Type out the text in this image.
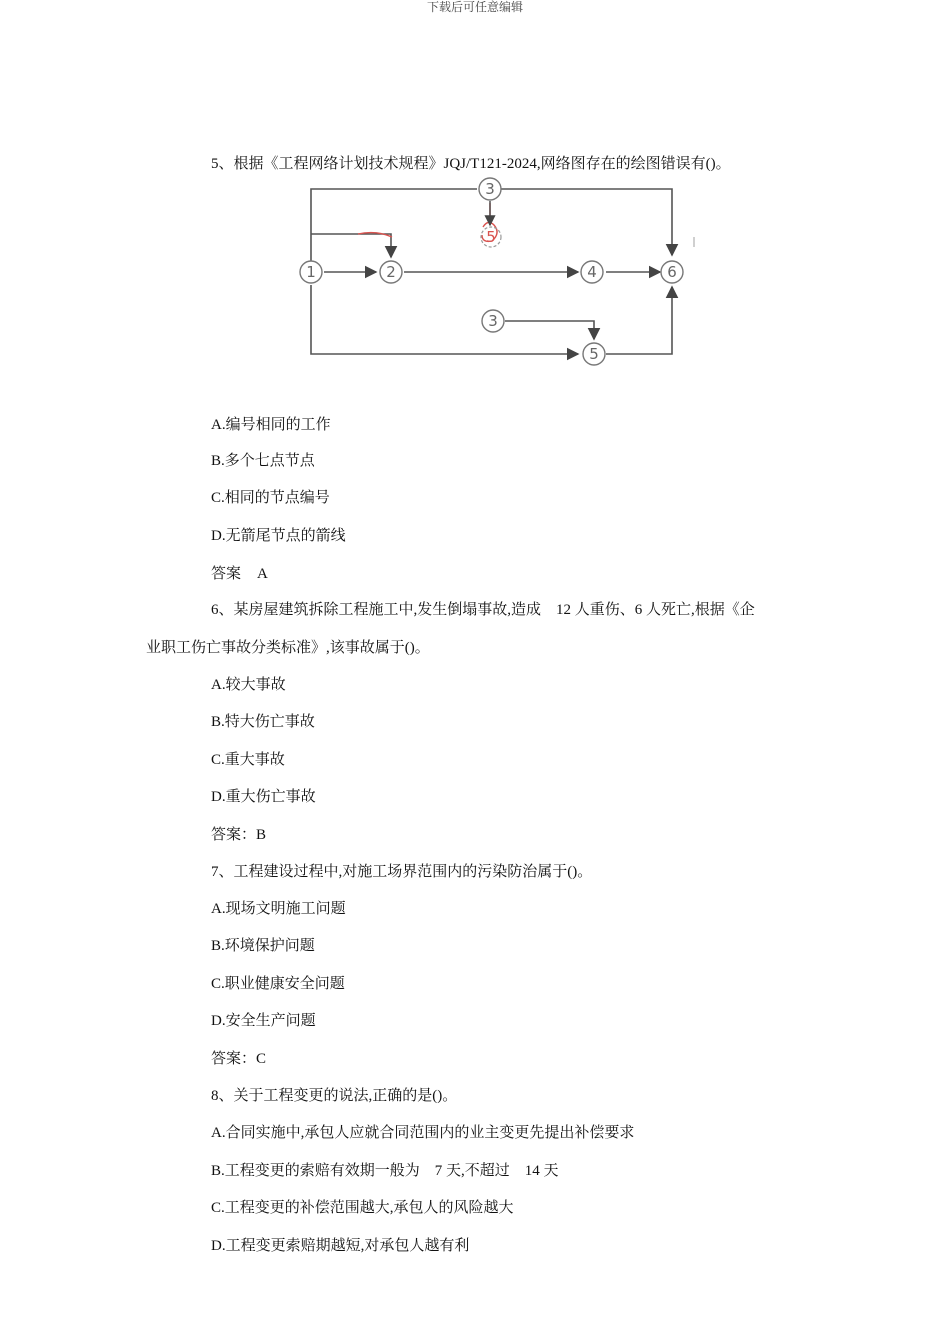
下载后可任意编辑
5、根据《工程网络计划技术规程》JQJ/T121-2024,网络图存在的绘图错误有()。
1	2
3
5
4	6
3
5
A.编号相同的工作
B.多个七点节点
C.相同的节点编号
D.无箭尾节点的箭线
答案 A
6、某房屋建筑拆除工程施工中,发生倒塌事故,造成　12 人重伤、6 人死亡,根据《企
业职工伤亡事故分类标准》,该事故属于()。
A.较大事故
B.特大伤亡事故
C.重大事故
D.重大伤亡事故
答案：B
7、工程建设过程中,对施工场界范围内的污染防治属于()。
A.现场文明施工问题
B.环境保护问题
C.职业健康安全问题
D.安全生产问题
答案：C
8、关于工程变更的说法,正确的是()。
A.合同实施中,承包人应就合同范围内的业主变更先提出补偿要求
B.工程变更的索赔有效期一般为　7 天,不超过　14 天
C.工程变更的补偿范围越大,承包人的风险越大
D.工程变更索赔期越短,对承包人越有利
